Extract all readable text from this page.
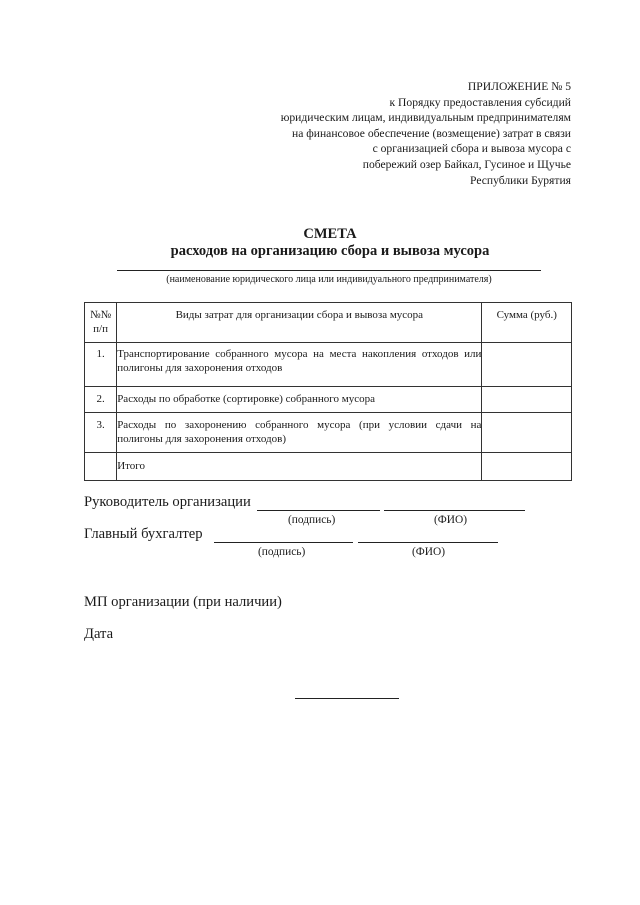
ПРИЛОЖЕНИЕ № 5
к Порядку предоставления субсидий
юридическим лицам, индивидуальным предпринимателям
на финансовое обеспечение (возмещение) затрат в связи
с организацией сбора и вывоза мусора с
побережий озер Байкал, Гусиное и Щучье
Республики Бурятия
СМЕТА
расходов на организацию сбора и вывоза мусора
(наименование юридического лица или индивидуального предпринимателя)
№№ п/п	Виды затрат для организации сбора и вывоза мусора	Сумма (руб.)
1.	Транспортирование собранного мусора на места накопления отходов или полигоны для захоронения отходов	
2.	Расходы по обработке (сортировке) собранного мусора	
3.	Расходы по захоронению собранного мусора (при условии сдачи на полигоны для захоронения отходов)	
	Итого	
Руководитель организации
(подпись)	(ФИО)
Главный бухгалтер
(подпись)	(ФИО)
МП организации (при наличии)
Дата
